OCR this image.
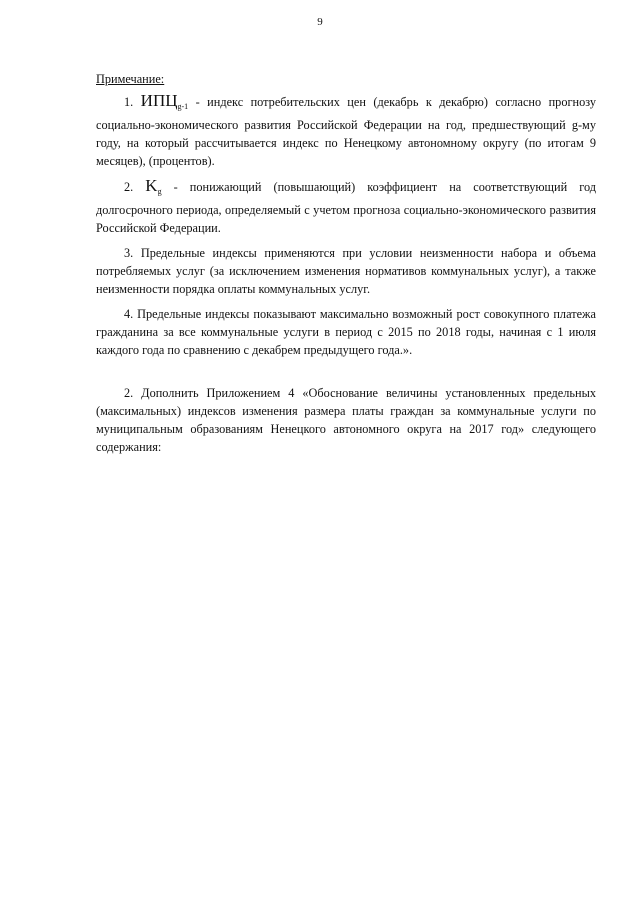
9
Примечание:

1. $ИПЦ_{g-1}$ - индекс потребительских цен (декабрь к декабрю) согласно прогнозу социально-экономического развития Российской Федерации на год, предшествующий g-му году, на который рассчитывается индекс по Ненецкому автономному округу (по итогам 9 месяцев), (процентов).

2. $K_g$ - понижающий (повышающий) коэффициент на соответствующий год долгосрочного периода, определяемый с учетом прогноза социально-экономического развития Российской Федерации.

3. Предельные индексы применяются при условии неизменности набора и объема потребляемых услуг (за исключением изменения нормативов коммунальных услуг), а также неизменности порядка оплаты коммунальных услуг.

4. Предельные индексы показывают максимально возможный рост совокупного платежа гражданина за все коммунальные услуги в период с 2015 по 2018 годы, начиная с 1 июля каждого года по сравнению с декабрем предыдущего года.».

2. Дополнить Приложением 4 «Обоснование величины установленных предельных (максимальных) индексов изменения размера платы граждан за коммунальные услуги по муниципальным образованиям Ненецкого автономного округа на 2017 год» следующего содержания:
